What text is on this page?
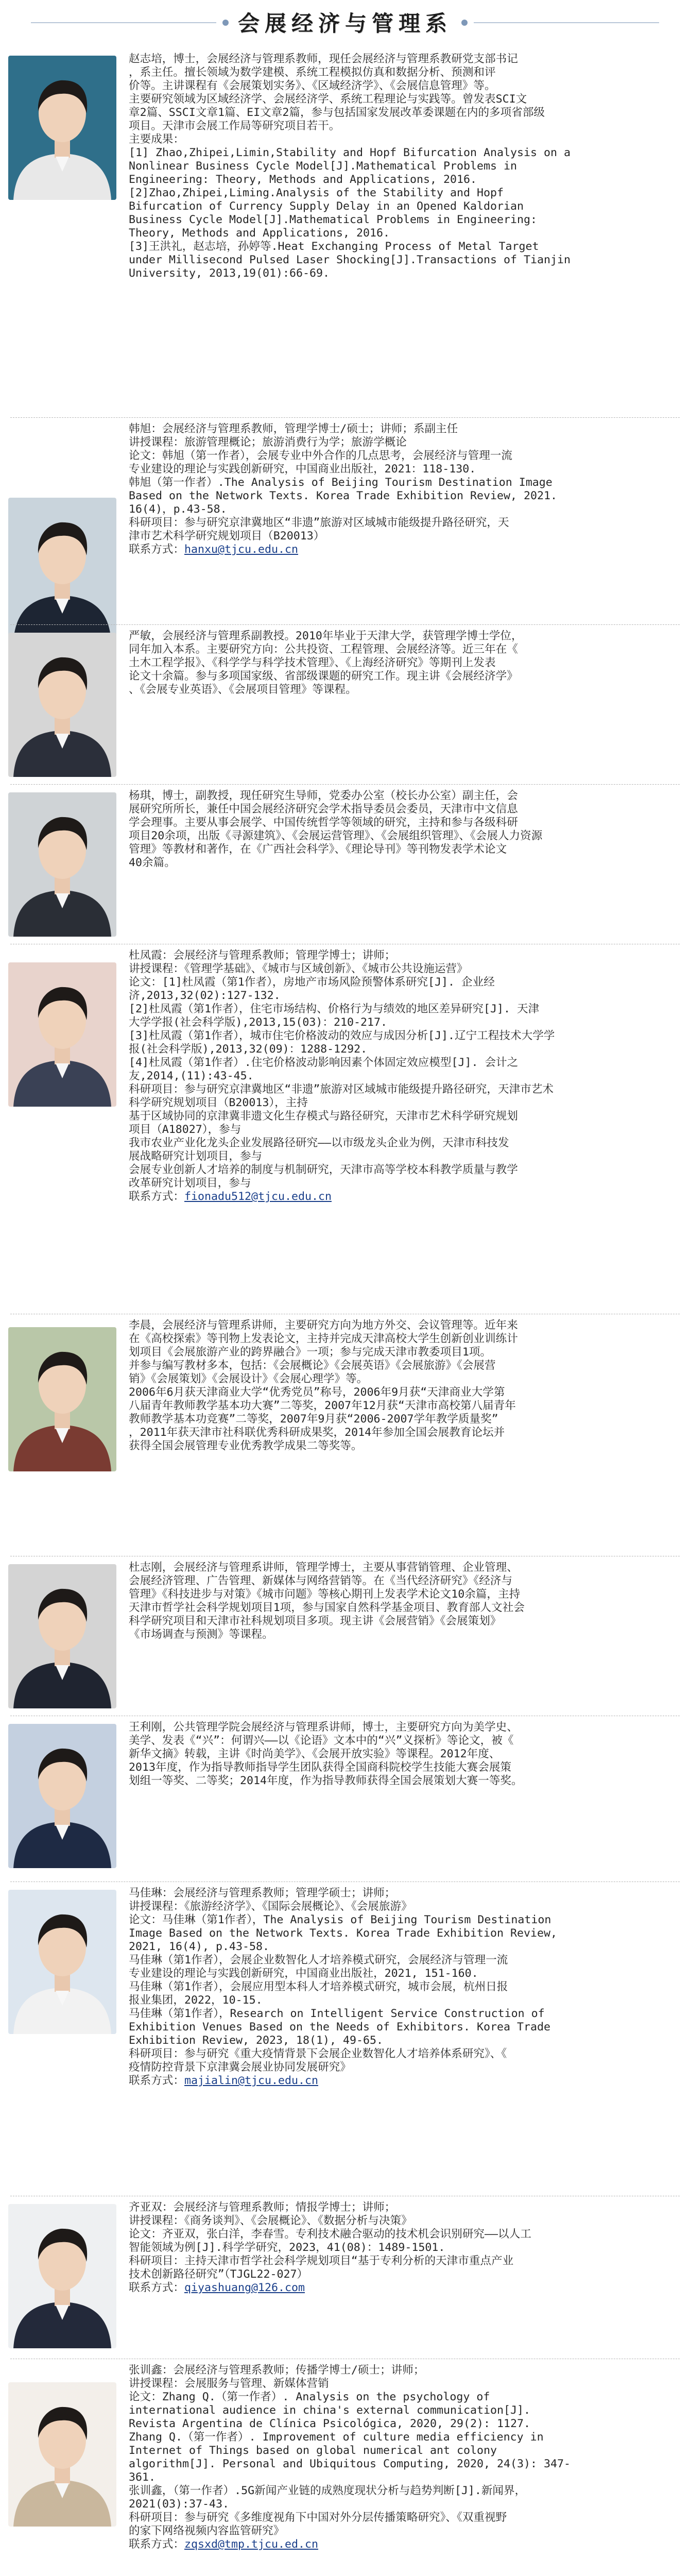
会展经济与管理系
赵志培，博士，会展经济与管理系教师，现任会展经济与管理系教研党支部书记
，系主任。擅长领域为数学建模、系统工程模拟仿真和数据分析、预测和评
价等。主讲课程有《会展策划实务》、《区域经济学》、《会展信息管理》等。
主要研究领域为区域经济学、会展经济学、系统工程理论与实践等。曾发表SCI文
章2篇、SSCI文章1篇、EI文章2篇，参与包括国家发展改革委课题在内的多项省部级
项目。天津市会展工作局等研究项目若干。
主要成果：
[1] Zhao,Zhipei,Limin,Stability and Hopf Bifurcation Analysis on a
Nonlinear Business Cycle Model[J].Mathematical Problems in
Engineering: Theory, Methods and Applications, 2016.
[2]Zhao,Zhipei,Liming.Analysis of the Stability and Hopf
Bifurcation of Currency Supply Delay in an Opened Kaldorian
Business Cycle Model[J].Mathematical Problems in Engineering:
Theory, Methods and Applications, 2016.
[3]王洪礼，赵志培，孙婷等.Heat Exchanging Process of Metal Target
under Millisecond Pulsed Laser Shocking[J].Transactions of Tianjin
University, 2013,19(01):66-69.
韩旭：会展经济与管理系教师，管理学博士/硕士；讲师；系副主任
讲授课程：旅游管理概论；旅游消费行为学；旅游学概论
论文：韩旭（第一作者），会展专业中外合作的几点思考，会展经济与管理一流
专业建设的理论与实践创新研究，中国商业出版社，2021：118-130.
韩旭（第一作者）.The Analysis of Beijing Tourism Destination Image
Based on the Network Texts. Korea Trade Exhibition Review, 2021.
16(4)，p.43-58.
科研项目：参与研究京津冀地区“非遗”旅游对区域城市能级提升路径研究，天
津市艺术科学研究规划项目（B20013）
联系方式：hanxu@tjcu.edu.cn
严敏，会展经济与管理系副教授。2010年毕业于天津大学，获管理学博士学位，
同年加入本系。主要研究方向：公共投资、工程管理、会展经济等。近三年在《
土木工程学报》、《科学学与科学技术管理》、《上海经济研究》等期刊上发表
论文十余篇。参与多项国家级、省部级课题的研究工作。现主讲《会展经济学》
、《会展专业英语》、《会展项目管理》等课程。
杨琪，博士，副教授，现任研究生导师，党委办公室（校长办公室）副主任，会
展研究所所长，兼任中国会展经济研究会学术指导委员会委员，天津市中文信息
学会理事。主要从事会展学、中国传统哲学等领域的研究，主持和参与各级科研
项目20余项，出版《寻源建筑》、《会展运营管理》、《会展组织管理》、《会展人力资源
管理》等教材和著作，在《广西社会科学》、《理论导刊》等刊物发表学术论文
40余篇。
杜凤霞：会展经济与管理系教师；管理学博士；讲师；
讲授课程：《管理学基础》、《城市与区域创新》、《城市公共设施运营》
论文：[1]杜凤霞（第1作者），房地产市场风险预警体系研究[J]. 企业经
济,2013,32(02):127-132.
[2]杜凤霞（第1作者），住宅市场结构、价格行为与绩效的地区差异研究[J]. 天津
大学学报(社会科学版),2013,15(03)：210-217.
[3]杜凤霞（第1作者），城市住宅价格波动的效应与成因分析[J].辽宁工程技术大学学
报(社会科学版),2013,32(09)：1288-1292.
[4]杜凤霞（第1作者）.住宅价格波动影响因素个体固定效应模型[J]. 会计之
友,2014,(11):43-45.
科研项目：参与研究京津冀地区“非遗”旅游对区域城市能级提升路径研究，天津市艺术
科学研究规划项目（B20013），主持
基于区域协同的京津冀非遗文化生存模式与路径研究，天津市艺术科学研究规划
项目（A18027），参与
我市农业产业化龙头企业发展路径研究——以市级龙头企业为例，天津市科技发
展战略研究计划项目，参与
会展专业创新人才培养的制度与机制研究，天津市高等学校本科教学质量与教学
改革研究计划项目，参与
联系方式：fionadu512@tjcu.edu.cn
李晨，会展经济与管理系讲师，主要研究方向为地方外交、会议管理等。近年来
在《高校探索》等刊物上发表论文，主持并完成天津高校大学生创新创业训练计
划项目《会展旅游产业的跨界融合》一项；参与完成天津市教委项目1项。
并参与编写教材多本，包括：《会展概论》《会展英语》《会展旅游》《会展营
销》《会展策划》《会展设计》《会展心理学》等。
2006年6月获天津商业大学“优秀党员”称号，2006年9月获“天津商业大学第
八届青年教师教学基本功大赛”二等奖，2007年12月获“天津市高校第八届青年
教师教学基本功竞赛”二等奖，2007年9月获“2006-2007学年教学质量奖”
，2011年获天津市社科联优秀科研成果奖，2014年参加全国会展教育论坛并
获得全国会展管理专业优秀教学成果二等奖等。
杜志刚，会展经济与管理系讲师，管理学博士，主要从事营销管理、企业管理、
会展经济管理、广告管理、新媒体与网络营销等。在《当代经济研究》《经济与
管理》《科技进步与对策》《城市问题》等核心期刊上发表学术论文10余篇，主持
天津市哲学社会科学规划项目1项，参与国家自然科学基金项目、教育部人文社会
科学研究项目和天津市社科规划项目多项。现主讲《会展营销》《会展策划》
《市场调查与预测》等课程。
王利刚，公共管理学院会展经济与管理系讲师，博士，主要研究方向为美学史、
美学、发表《“兴”：何谓兴——以《论语》文本中的“兴”义探析》等论文，被《
新华文摘》转载，主讲《时尚美学》、《会展开放实验》等课程。2012年度、
2013年度，作为指导教师指导学生团队获得全国商科院校学生技能大赛会展策
划组一等奖、二等奖；2014年度，作为指导教师获得全国会展策划大赛一等奖。
马佳琳：会展经济与管理系教师；管理学硕士；讲师；
讲授课程：《旅游经济学》、《国际会展概论》、《会展旅游》
论文：马佳琳（第1作者），The Analysis of Beijing Tourism Destination
Image Based on the Network Texts. Korea Trade Exhibition Review,
2021, 16(4), p.43-58.
马佳琳（第1作者），会展企业数智化人才培养模式研究，会展经济与管理一流
专业建设的理论与实践创新研究，中国商业出版社，2021, 151-160.
马佳琳（第1作者），会展应用型本科人才培养模式研究，城市会展，杭州日报
报业集团，2022，10-15.
马佳琳（第1作者），Research on Intelligent Service Construction of
Exhibition Venues Based on the Needs of Exhibitors. Korea Trade
Exhibition Review, 2023, 18(1), 49-65.
科研项目：参与研究《重大疫情背景下会展企业数智化人才培养体系研究》、《
疫情防控背景下京津冀会展业协同发展研究》
联系方式：majialin@tjcu.edu.cn
齐亚双：会展经济与管理系教师；情报学博士；讲师；
讲授课程：《商务谈判》、《会展概论》、《数据分析与决策》
论文：齐亚双，张白洋，李春雪。专利技术融合驱动的技术机会识别研究——以人工
智能领域为例[J].科学学研究，2023，41(08)：1489-1501.
科研项目：主持天津市哲学社会科学规划项目“基于专利分析的天津市重点产业
技术创新路径研究”（TJGL22-027）
联系方式：qiyashuang@126.com
张训鑫：会展经济与管理系教师；传播学博士/硕士；讲师；
讲授课程：会展服务与管理、新媒体营销
论文：Zhang Q.（第一作者）. Analysis on the psychology of
international audience in china's external communication[J].
Revista Argentina de Clínica Psicológica, 2020, 29(2): 1127.
Zhang Q.（第一作者）. Improvement of culture media efficiency in
Internet of Things based on global numerical ant colony
algorithm[J]. Personal and Ubiquitous Computing, 2020, 24(3): 347-
361.
张训鑫，（第一作者）.5G新闻产业链的成熟度现状分析与趋势判断[J].新闻界，
2021(03):37-43.
科研项目：参与研究《多维度视角下中国对外分层传播策略研究》、《双重视野
的家下网络视频内容监管研究》
联系方式：zqsxd@tmp.tjcu.ed.cn
